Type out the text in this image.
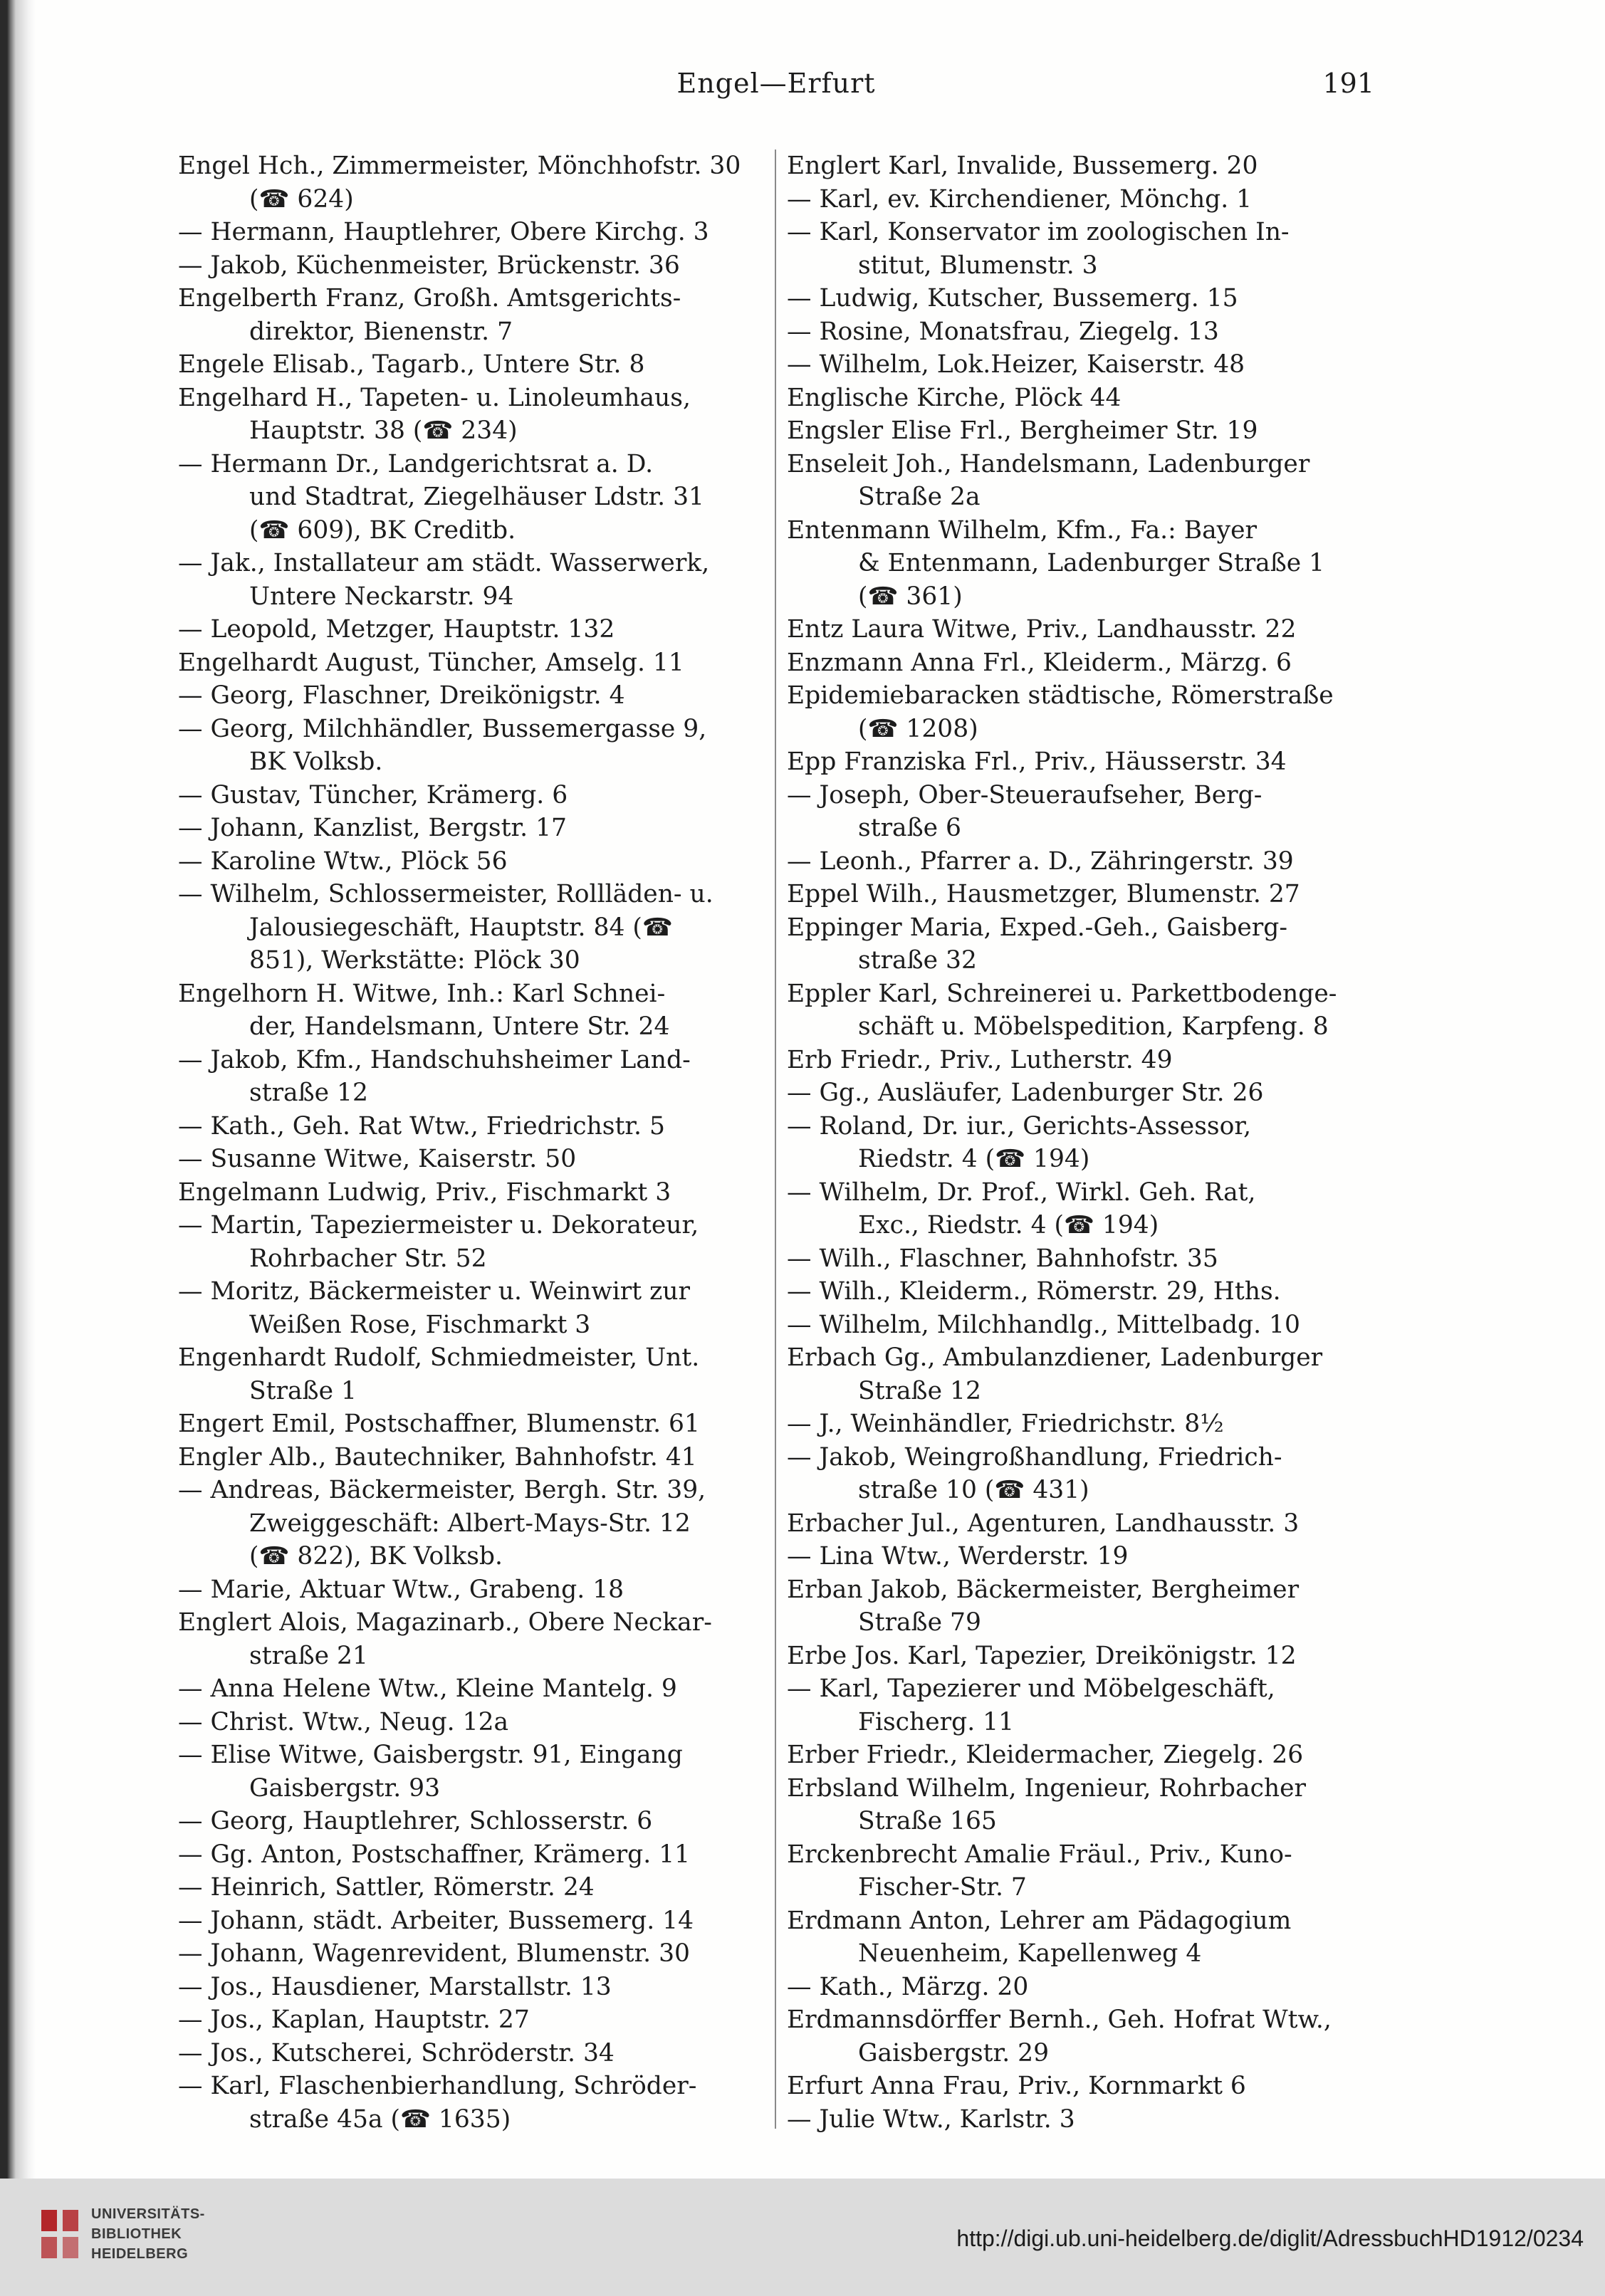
Engel—Erfurt	191
Engel Hch., Zimmermeister, Mönchhofstr. 30
(☎ 624)
— Hermann, Hauptlehrer, Obere Kirchg. 3
— Jakob, Küchenmeister, Brückenstr. 36
Engelberth Franz, Großh. Amtsgerichts-
direktor, Bienenstr. 7
Engele Elisab., Tagarb., Untere Str. 8
Engelhard H., Tapeten- u. Linoleumhaus,
Hauptstr. 38 (☎ 234)
— Hermann Dr., Landgerichtsrat a. D.
und Stadtrat, Ziegelhäuser Ldstr. 31
(☎ 609), BK Creditb.
— Jak., Installateur am städt. Wasserwerk,
Untere Neckarstr. 94
— Leopold, Metzger, Hauptstr. 132
Engelhardt August, Tüncher, Amselg. 11
— Georg, Flaschner, Dreikönigstr. 4
— Georg, Milchhändler, Bussemergasse 9,
BK Volksb.
— Gustav, Tüncher, Krämerg. 6
— Johann, Kanzlist, Bergstr. 17
— Karoline Wtw., Plöck 56
— Wilhelm, Schlossermeister, Rollläden- u.
Jalousiegeschäft, Hauptstr. 84 (☎
851), Werkstätte: Plöck 30
Engelhorn H. Witwe, Inh.: Karl Schnei-
der, Handelsmann, Untere Str. 24
— Jakob, Kfm., Handschuhsheimer Land-
straße 12
— Kath., Geh. Rat Wtw., Friedrichstr. 5
— Susanne Witwe, Kaiserstr. 50
Engelmann Ludwig, Priv., Fischmarkt 3
— Martin, Tapeziermeister u. Dekorateur,
Rohrbacher Str. 52
— Moritz, Bäckermeister u. Weinwirt zur
Weißen Rose, Fischmarkt 3
Engenhardt Rudolf, Schmiedmeister, Unt.
Straße 1
Engert Emil, Postschaffner, Blumenstr. 61
Engler Alb., Bautechniker, Bahnhofstr. 41
— Andreas, Bäckermeister, Bergh. Str. 39,
Zweiggeschäft: Albert-Mays-Str. 12
(☎ 822), BK Volksb.
— Marie, Aktuar Wtw., Grabeng. 18
Englert Alois, Magazinarb., Obere Neckar-
straße 21
— Anna Helene Wtw., Kleine Mantelg. 9
— Christ. Wtw., Neug. 12a
— Elise Witwe, Gaisbergstr. 91, Eingang
Gaisbergstr. 93
— Georg, Hauptlehrer, Schlosserstr. 6
— Gg. Anton, Postschaffner, Krämerg. 11
— Heinrich, Sattler, Römerstr. 24
— Johann, städt. Arbeiter, Bussemerg. 14
— Johann, Wagenrevident, Blumenstr. 30
— Jos., Hausdiener, Marstallstr. 13
— Jos., Kaplan, Hauptstr. 27
— Jos., Kutscherei, Schröderstr. 34
— Karl, Flaschenbierhandlung, Schröder-
straße 45a (☎ 1635)
Englert Karl, Invalide, Bussemerg. 20
— Karl, ev. Kirchendiener, Mönchg. 1
— Karl, Konservator im zoologischen In-
stitut, Blumenstr. 3
— Ludwig, Kutscher, Bussemerg. 15
— Rosine, Monatsfrau, Ziegelg. 13
— Wilhelm, Lok.Heizer, Kaiserstr. 48
Englische Kirche, Plöck 44
Engsler Elise Frl., Bergheimer Str. 19
Enseleit Joh., Handelsmann, Ladenburger
Straße 2a
Entenmann Wilhelm, Kfm., Fa.: Bayer
& Entenmann, Ladenburger Straße 1
(☎ 361)
Entz Laura Witwe, Priv., Landhausstr. 22
Enzmann Anna Frl., Kleiderm., Märzg. 6
Epidemiebaracken städtische, Römerstraße
(☎ 1208)
Epp Franziska Frl., Priv., Häusserstr. 34
— Joseph, Ober-Steueraufseher, Berg-
straße 6
— Leonh., Pfarrer a. D., Zähringerstr. 39
Eppel Wilh., Hausmetzger, Blumenstr. 27
Eppinger Maria, Exped.-Geh., Gaisberg-
straße 32
Eppler Karl, Schreinerei u. Parkettbodenge-
schäft u. Möbelspedition, Karpfeng. 8
Erb Friedr., Priv., Lutherstr. 49
— Gg., Ausläufer, Ladenburger Str. 26
— Roland, Dr. iur., Gerichts-Assessor,
Riedstr. 4 (☎ 194)
— Wilhelm, Dr. Prof., Wirkl. Geh. Rat,
Exc., Riedstr. 4 (☎ 194)
— Wilh., Flaschner, Bahnhofstr. 35
— Wilh., Kleiderm., Römerstr. 29, Hths.
— Wilhelm, Milchhandlg., Mittelbadg. 10
Erbach Gg., Ambulanzdiener, Ladenburger
Straße 12
— J., Weinhändler, Friedrichstr. 8½
— Jakob, Weingroßhandlung, Friedrich-
straße 10 (☎ 431)
Erbacher Jul., Agenturen, Landhausstr. 3
— Lina Wtw., Werderstr. 19
Erban Jakob, Bäckermeister, Bergheimer
Straße 79
Erbe Jos. Karl, Tapezier, Dreikönigstr. 12
— Karl, Tapezierer und Möbelgeschäft,
Fischerg. 11
Erber Friedr., Kleidermacher, Ziegelg. 26
Erbsland Wilhelm, Ingenieur, Rohrbacher
Straße 165
Erckenbrecht Amalie Fräul., Priv., Kuno-
Fischer-Str. 7
Erdmann Anton, Lehrer am Pädagogium
Neuenheim, Kapellenweg 4
— Kath., Märzg. 20
Erdmannsdörffer Bernh., Geh. Hofrat Wtw.,
Gaisbergstr. 29
Erfurt Anna Frau, Priv., Kornmarkt 6
— Julie Wtw., Karlstr. 3
UNIVERSITÄTS-
BIBLIOTHEK
HEIDELBERG
http://digi.ub.uni-heidelberg.de/diglit/AdressbuchHD1912/0234
